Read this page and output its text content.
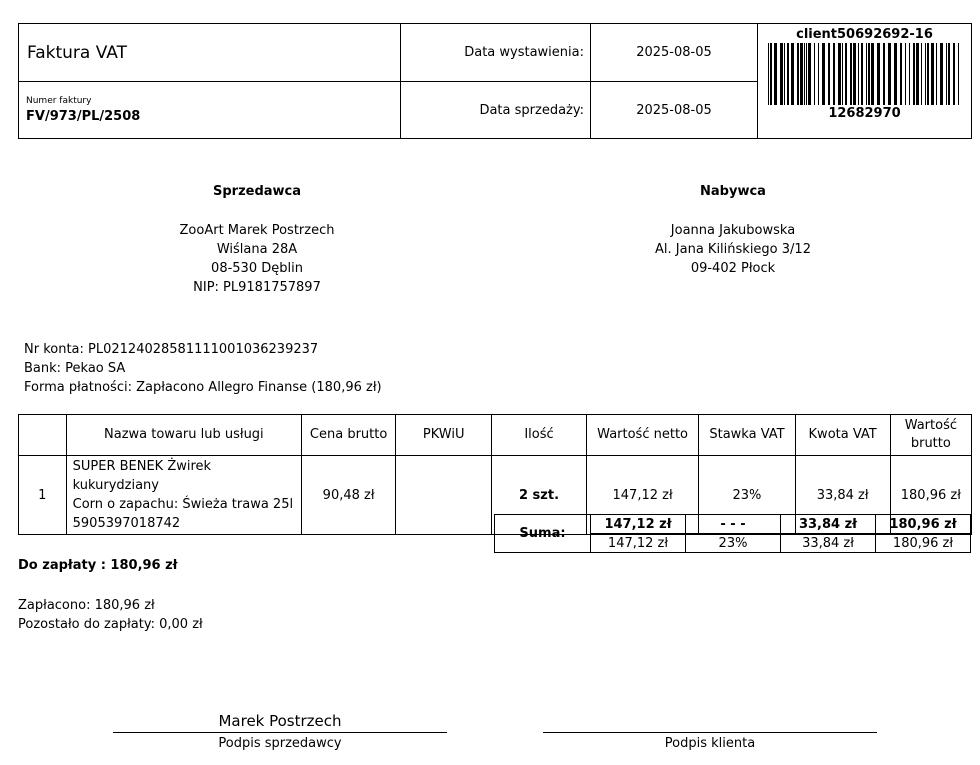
Faktura VAT	Data wystawienia:	2025-08-05	client50692692-16
12682970

Numer faktury
FV/973/PL/2508	Data sprzedaży:	2025-08-05	
Sprzedawca
ZooArt Marek Postrzech
Wiślana 28A
08-530 Dęblin
NIP: PL9181757897
Nabywca
Joanna Jakubowska
Al. Jana Kilińskiego 3/12
09-402 Płock
Nr konta: PL02124028581111001036239237
Bank: Pekao SA
Forma płatności: Zapłacono Allegro Finanse (180,96 zł)
	Nazwa towaru lub usługi	Cena brutto	PKWiU	Ilość	Wartość netto	Stawka VAT	Kwota VAT	Wartość brutto
1	SUPER BENEK Żwirek kukurydziany
Corn o zapachu: Świeża trawa 25l
5905397018742	90,48 zł		2 szt.	147,12 zł	23%	33,84 zł	180,96 zł
Suma:	147,12 zł	- - -	33,84 zł	180,96 zł
	147,12 zł	23%	33,84 zł	180,96 zł
Do zapłaty : 180,96 zł
Zapłacono: 180,96 zł
Pozostało do zapłaty: 0,00 zł
Marek Postrzech
Podpis sprzedawcy	Podpis klienta
